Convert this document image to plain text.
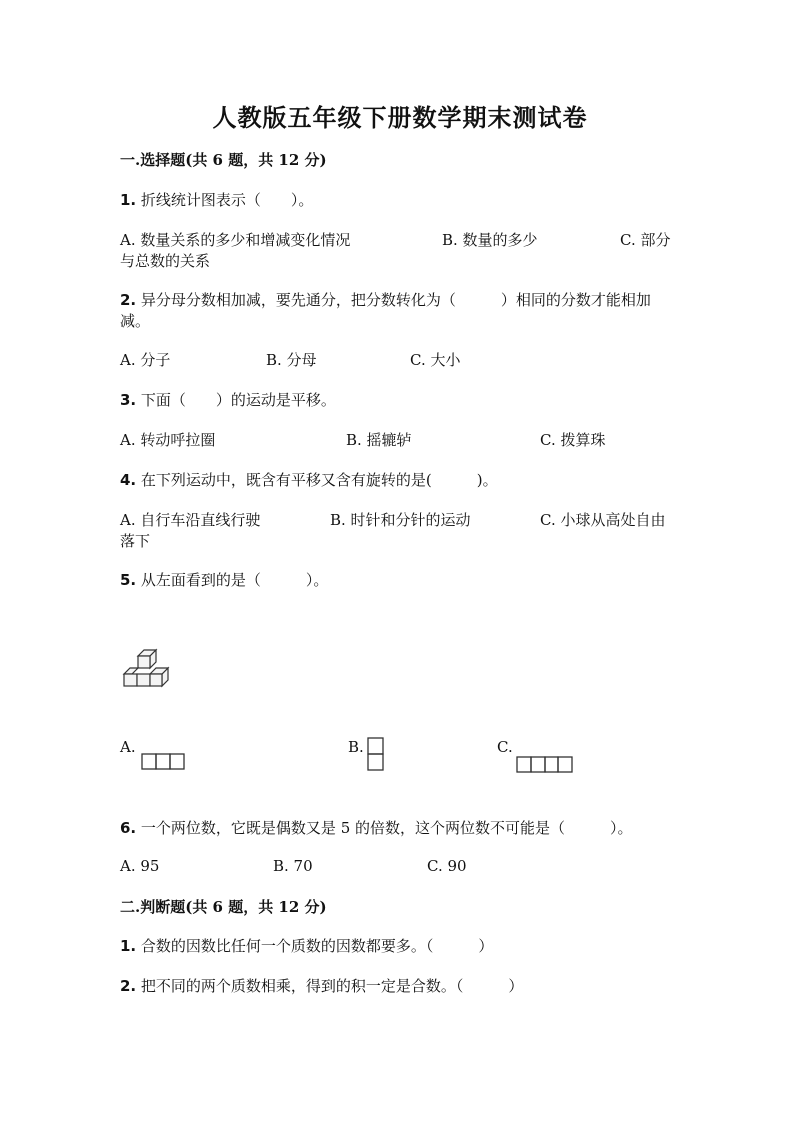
人教版五年级下册数学期末测试卷
一.选择题(共 6 题，共 12 分)
1. 折线统计图表示（　　）。
A. 数量关系的多少和增减变化情况	B. 数量的多少	C. 部分
与总数的关系
2. 异分母分数相加减，要先通分，把分数转化为（　　　）相同的分数才能相加
减。
A. 分子	B. 分母	C. 大小
3. 下面（　　）的运动是平移。
A. 转动呼拉圈	B. 摇辘轳	C. 拨算珠
4. 在下列运动中，既含有平移又含有旋转的是(　　　)。
A. 自行车沿直线行驶	B. 时针和分针的运动	C. 小球从高处自由
落下
5. 从左面看到的是（　　　）。
A.	B.	C.
6. 一个两位数，它既是偶数又是 5 的倍数，这个两位数不可能是（　　　）。
A. 95	B. 70	C. 90
二.判断题(共 6 题，共 12 分)
1. 合数的因数比任何一个质数的因数都要多。（　　　）
2. 把不同的两个质数相乘，得到的积一定是合数。（　　　）
